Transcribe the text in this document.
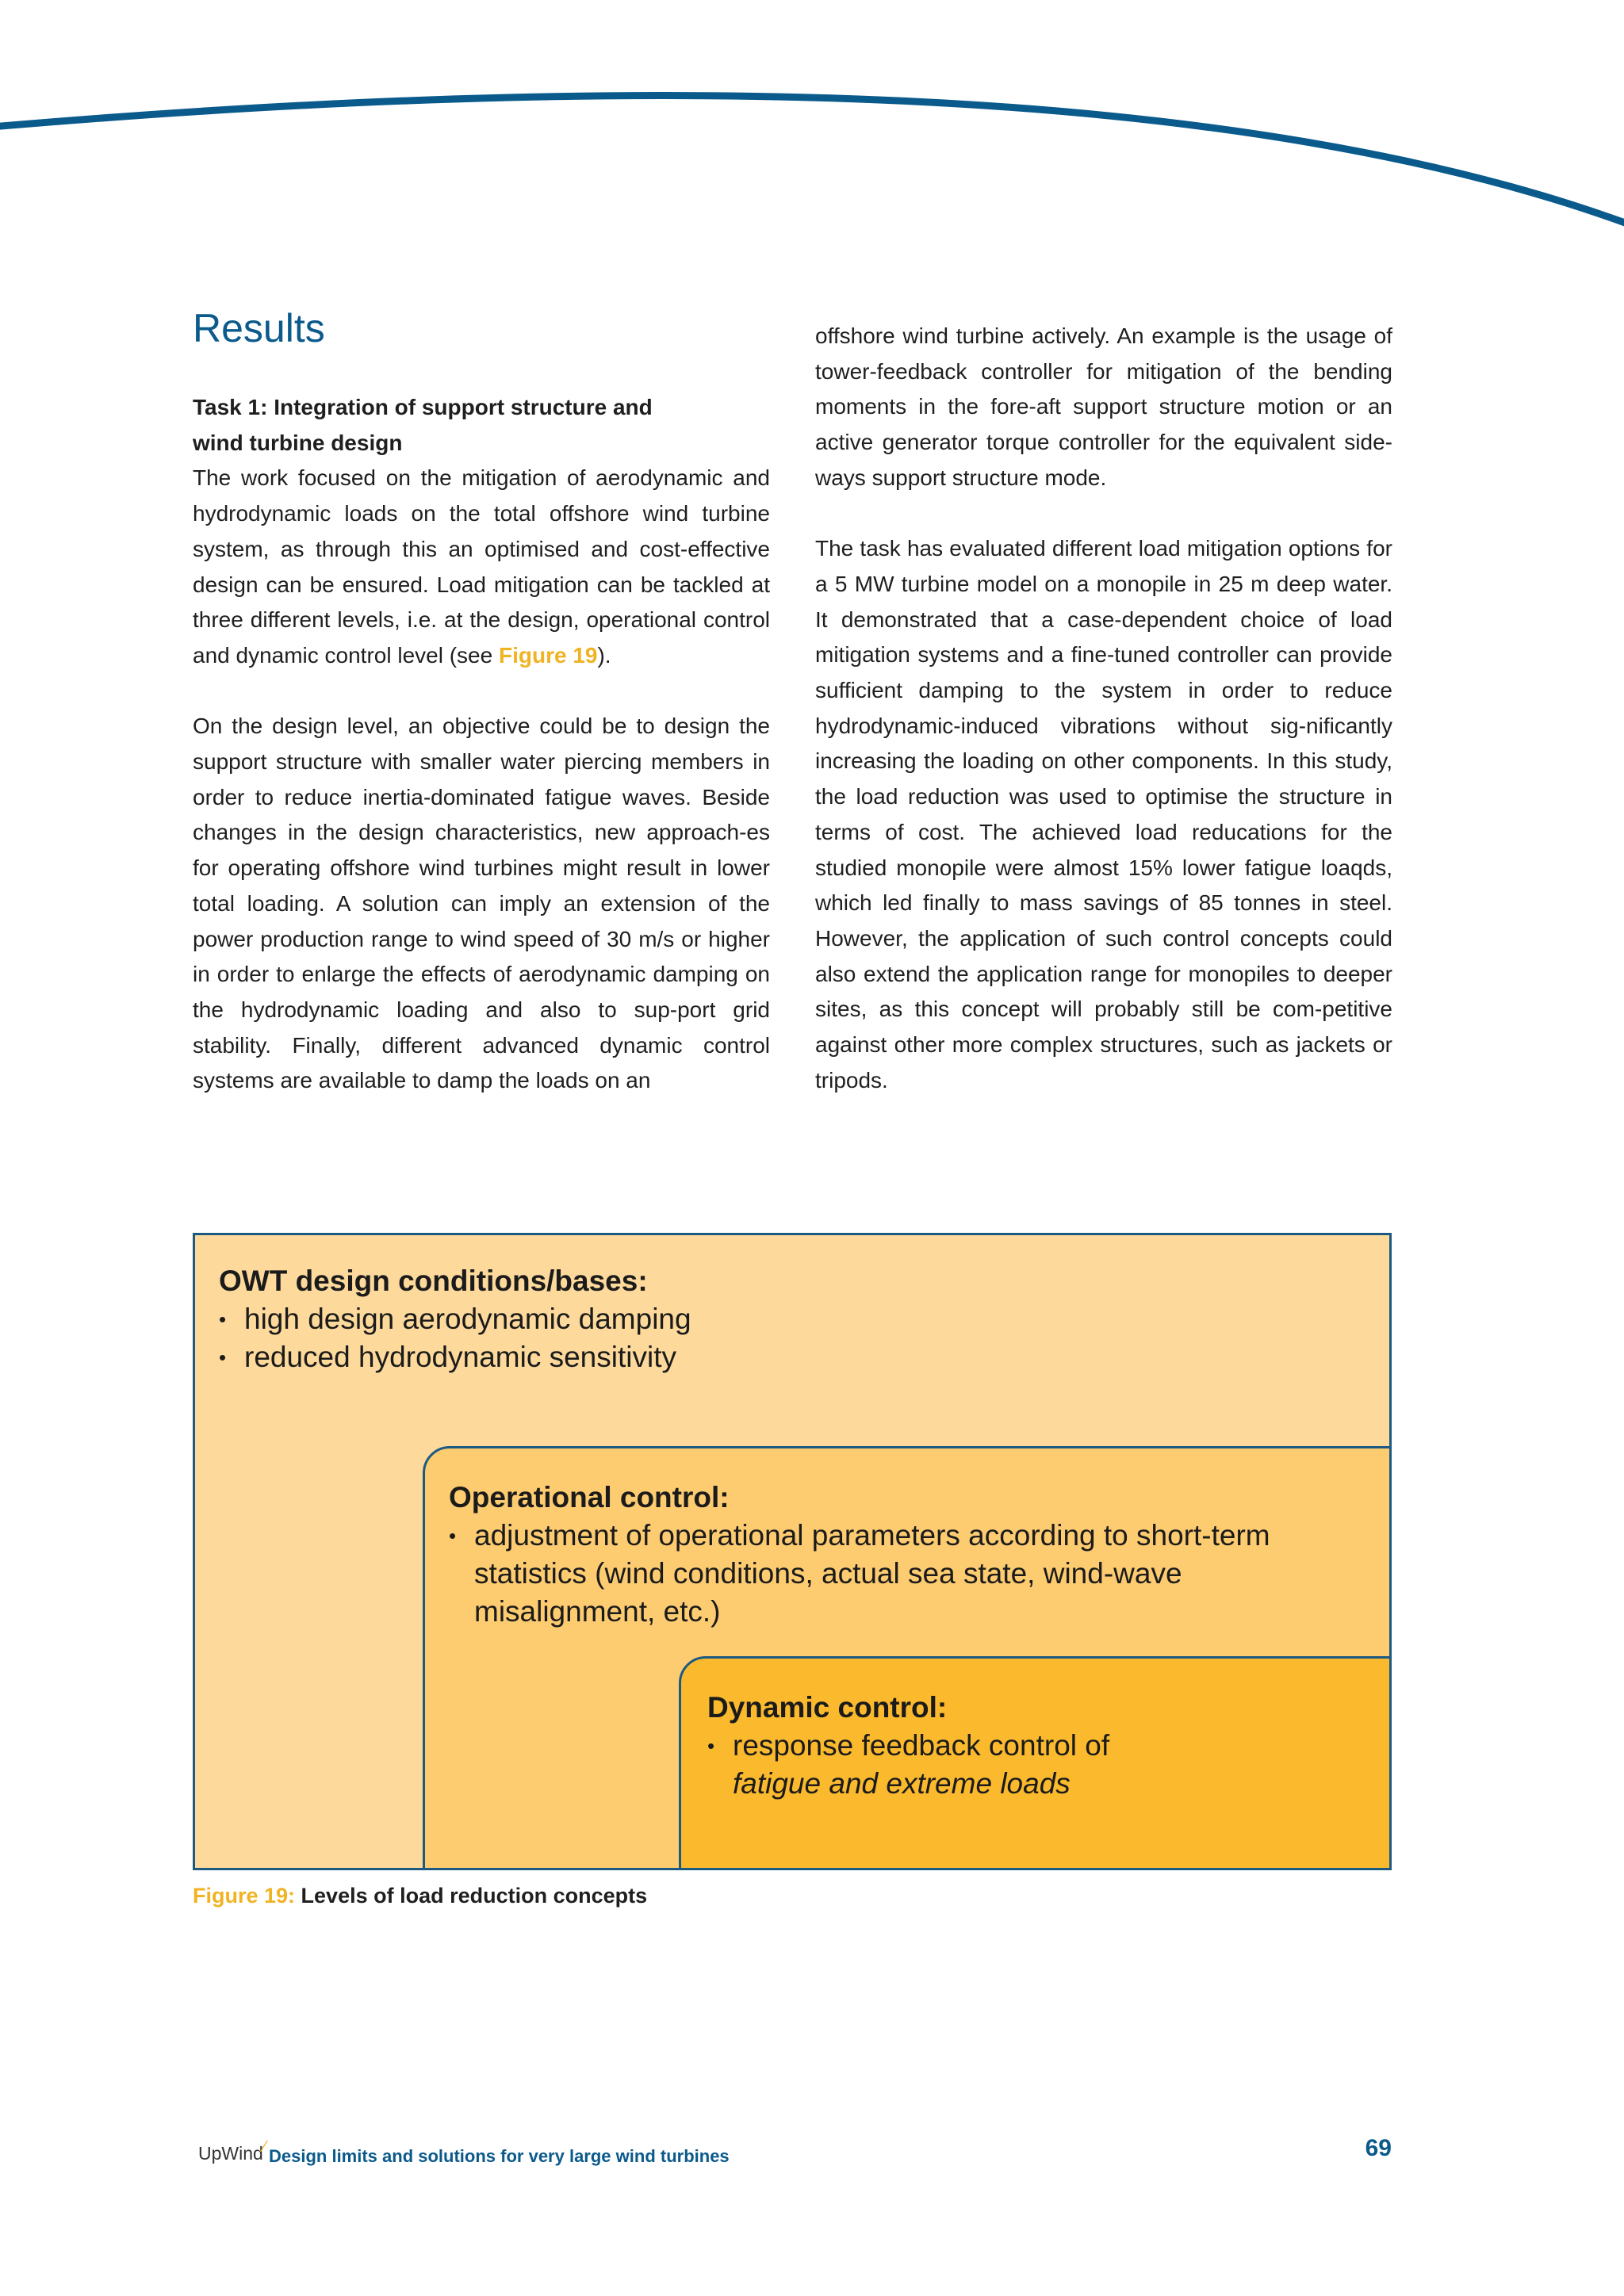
Results

Task 1: Integration of support structure and
wind turbine design

The work focused on the mitigation of aerodynamic and hydrodynamic loads on the total offshore wind turbine system, as through this an optimised and cost-effective design can be ensured. Load mitigation can be tackled at three different levels, i.e. at the design, operational control and dynamic control level (see Figure 19).

On the design level, an objective could be to design the support structure with smaller water piercing members in order to reduce inertia-dominated fatigue waves. Beside changes in the design characteristics, new approach-es for operating offshore wind turbines might result in lower total loading. A solution can imply an extension of the power production range to wind speed of 30 m/s or higher in order to enlarge the effects of aerodynamic damping on the hydrodynamic loading and also to sup-port grid stability. Finally, different advanced dynamic control systems are available to damp the loads on an

offshore wind turbine actively. An example is the usage of tower-feedback controller for mitigation of the bending moments in the fore-aft support structure motion or an active generator torque controller for the equivalent side-ways support structure mode.

The task has evaluated different load mitigation options for a 5 MW turbine model on a monopile in 25 m deep water. It demonstrated that a case-dependent choice of load mitigation systems and a fine-tuned controller can provide sufficient damping to the system in order to reduce hydrodynamic-induced vibrations without sig-nificantly increasing the loading on other components. In this study, the load reduction was used to optimise the structure in terms of cost. The achieved load reducations for the studied monopile were almost 15% lower fatigue loaqds, which led finally to mass savings of 85 tonnes in steel. However, the application of such control concepts could also extend the application range for monopiles to deeper sites, as this concept will probably still be com-petitive against other more complex structures, such as jackets or tripods.

OWT design conditions/bases:
• high design aerodynamic damping
• reduced hydrodynamic sensitivity
Operational control:
• adjustment of operational parameters according to short-term
statistics (wind conditions, actual sea state, wind-wave
misalignment, etc.)
Dynamic control:
• response feedback control of
fatigue and extreme loads
Figure 19: Levels of load reduction concepts
UpWind⁄ Design limits and solutions for very large wind turbines	69
